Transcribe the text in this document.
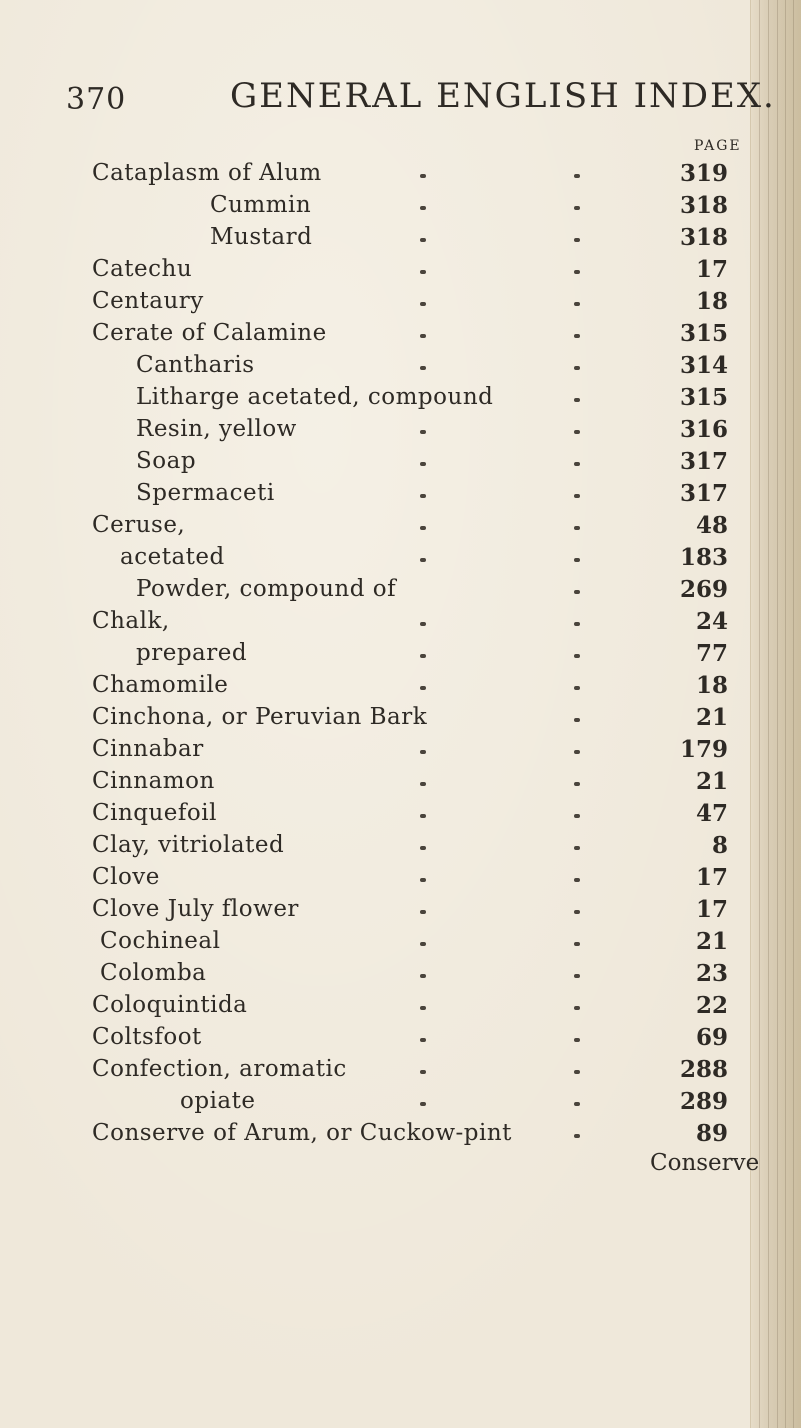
370	GENERAL ENGLISH INDEX.
PAGE
Cataplasm of Alum	319
Cummin	318
Mustard	318
Catechu	17
Centaury	18
Cerate of Calamine	315
Cantharis	314
Litharge acetated, compound	315
Resin, yellow	316
Soap	317
Spermaceti	317
Ceruse,	48
acetated	183
Powder, compound of	269
Chalk,	24
prepared	77
Chamomile	18
Cinchona, or Peruvian Bark	21
Cinnabar	179
Cinnamon	21
Cinquefoil	47
Clay, vitriolated	8
Clove	17
Clove July flower	17
Cochineal	21
Colomba	23
Coloquintida	22
Coltsfoot	69
Confection, aromatic	288
opiate	289
Conserve of Arum, or Cuckow-pint	89
Conserve
